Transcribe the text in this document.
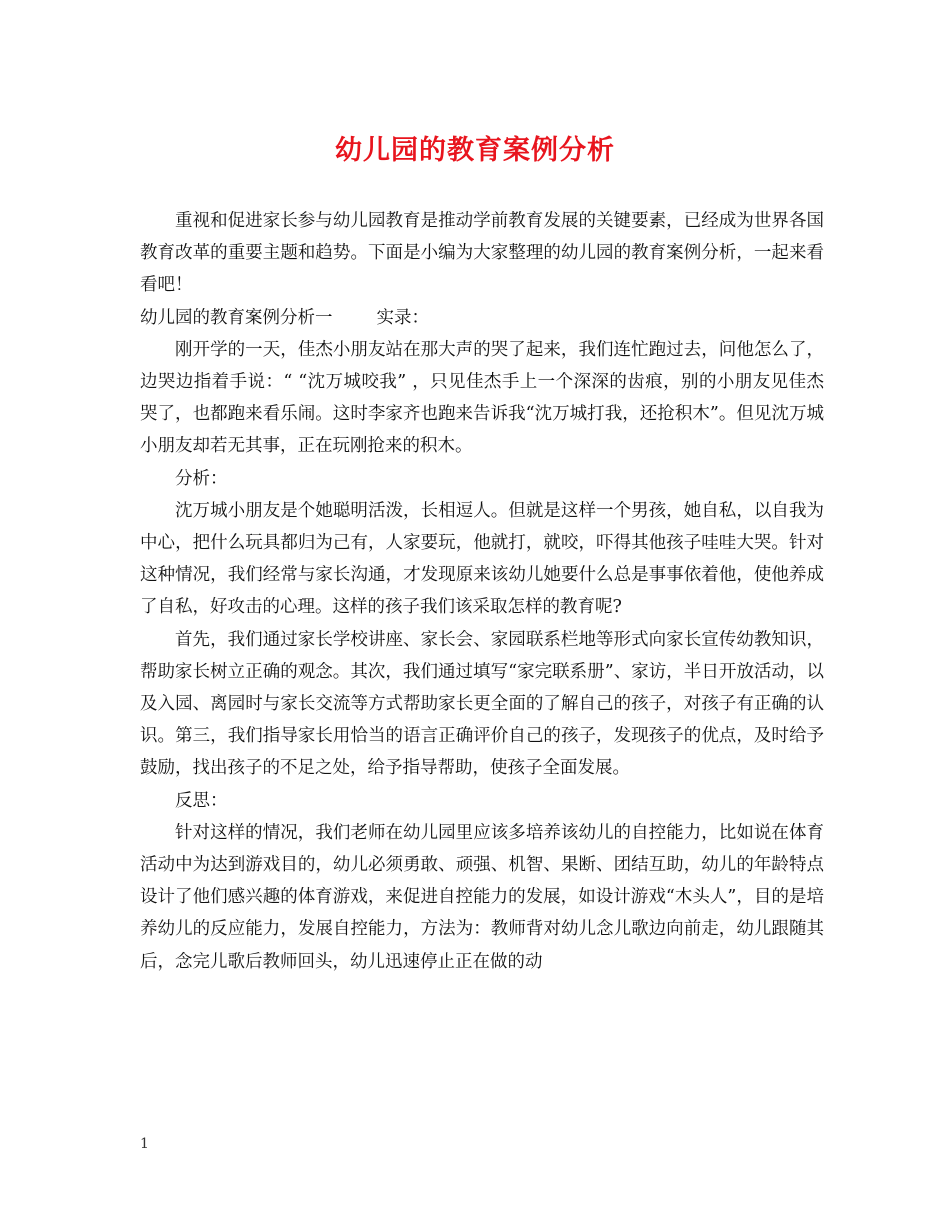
幼儿园的教育案例分析

重视和促进家长参与幼儿园教育是推动学前教育发展的关键要素，已经成为世界各国教育改革的重要主题和趋势。下面是小编为大家整理的幼儿园的教育案例分析，一起来看看吧！

幼儿园的教育案例分析一	实录：

刚开学的一天，佳杰小朋友站在那大声的哭了起来，我们连忙跑过去，问他怎么了，边哭边指着手说：“ “沈万城咬我” ，只见佳杰手上一个深深的齿痕，别的小朋友见佳杰哭了，也都跑来看乐闹。这时李家齐也跑来告诉我“沈万城打我，还抢积木”。但见沈万城小朋友却若无其事，正在玩刚抢来的积木。

分析：

沈万城小朋友是个她聪明活泼，长相逗人。但就是这样一个男孩，她自私，以自我为中心，把什么玩具都归为己有，人家要玩，他就打，就咬，吓得其他孩子哇哇大哭。针对这种情况，我们经常与家长沟通，才发现原来该幼儿她要什么总是事事依着他，使他养成了自私，好攻击的心理。这样的孩子我们该采取怎样的教育呢?

首先，我们通过家长学校讲座、家长会、家园联系栏地等形式向家长宣传幼教知识，帮助家长树立正确的观念。其次，我们通过填写“家完联系册”、家访，半日开放活动，以及入园、离园时与家长交流等方式帮助家长更全面的了解自己的孩子，对孩子有正确的认识。第三，我们指导家长用恰当的语言正确评价自己的孩子，发现孩子的优点，及时给予鼓励，找出孩子的不足之处，给予指导帮助，使孩子全面发展。

反思：

针对这样的情况，我们老师在幼儿园里应该多培养该幼儿的自控能力，比如说在体育活动中为达到游戏目的，幼儿必须勇敢、顽强、机智、果断、团结互助，幼儿的年龄特点设计了他们感兴趣的体育游戏，来促进自控能力的发展，如设计游戏“木头人”，目的是培养幼儿的反应能力，发展自控能力，方法为：教师背对幼儿念儿歌边向前走，幼儿跟随其后，念完儿歌后教师回头，幼儿迅速停止正在做的动

1
